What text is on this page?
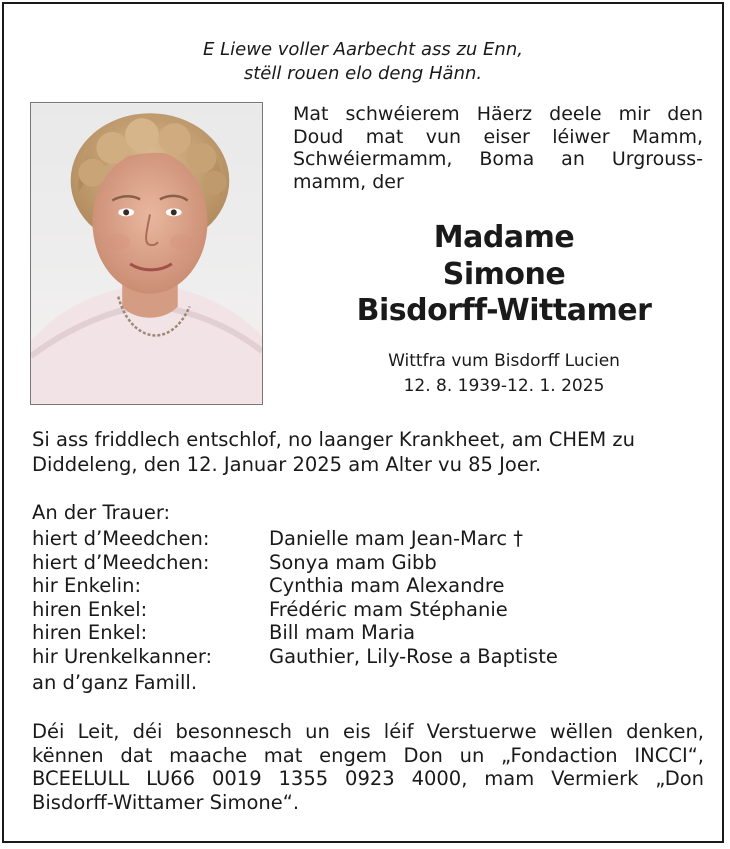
E Liewe voller Aarbecht ass zu Enn,
stëll rouen elo deng Hänn.
Mat schwéierem Häerz deele mir den Doud mat vun eiser léiwer Mamm, Schwéiermamm, Boma an Urgroussmamm, der
Madame
Simone
Bisdorff-Wittamer
Wittfra vum Bisdorff Lucien
12. 8. 1939-12. 1. 2025
Si ass friddlech entschlof, no laanger Krankheet, am CHEM zu Diddeleng, den 12. Januar 2025 am Alter vu 85 Joer.
An der Trauer:
hiert d’Meedchen:	Danielle mam Jean-Marc †
hiert d’Meedchen:	Sonya mam Gibb
hir Enkelin:	Cynthia mam Alexandre
hiren Enkel:	Frédéric mam Stéphanie
hiren Enkel:	Bill mam Maria
hir Urenkelkanner:	Gauthier, Lily-Rose a Baptiste
an d’ganz Famill.
Déi Leit, déi besonnesch un eis léif Verstuerwe wëllen denken, kënnen dat maache mat engem Don un „Fondaction INCCI“, BCEELULL LU66 0019 1355 0923 4000, mam Vermierk „Don Bisdorff-Wittamer Simone“.
